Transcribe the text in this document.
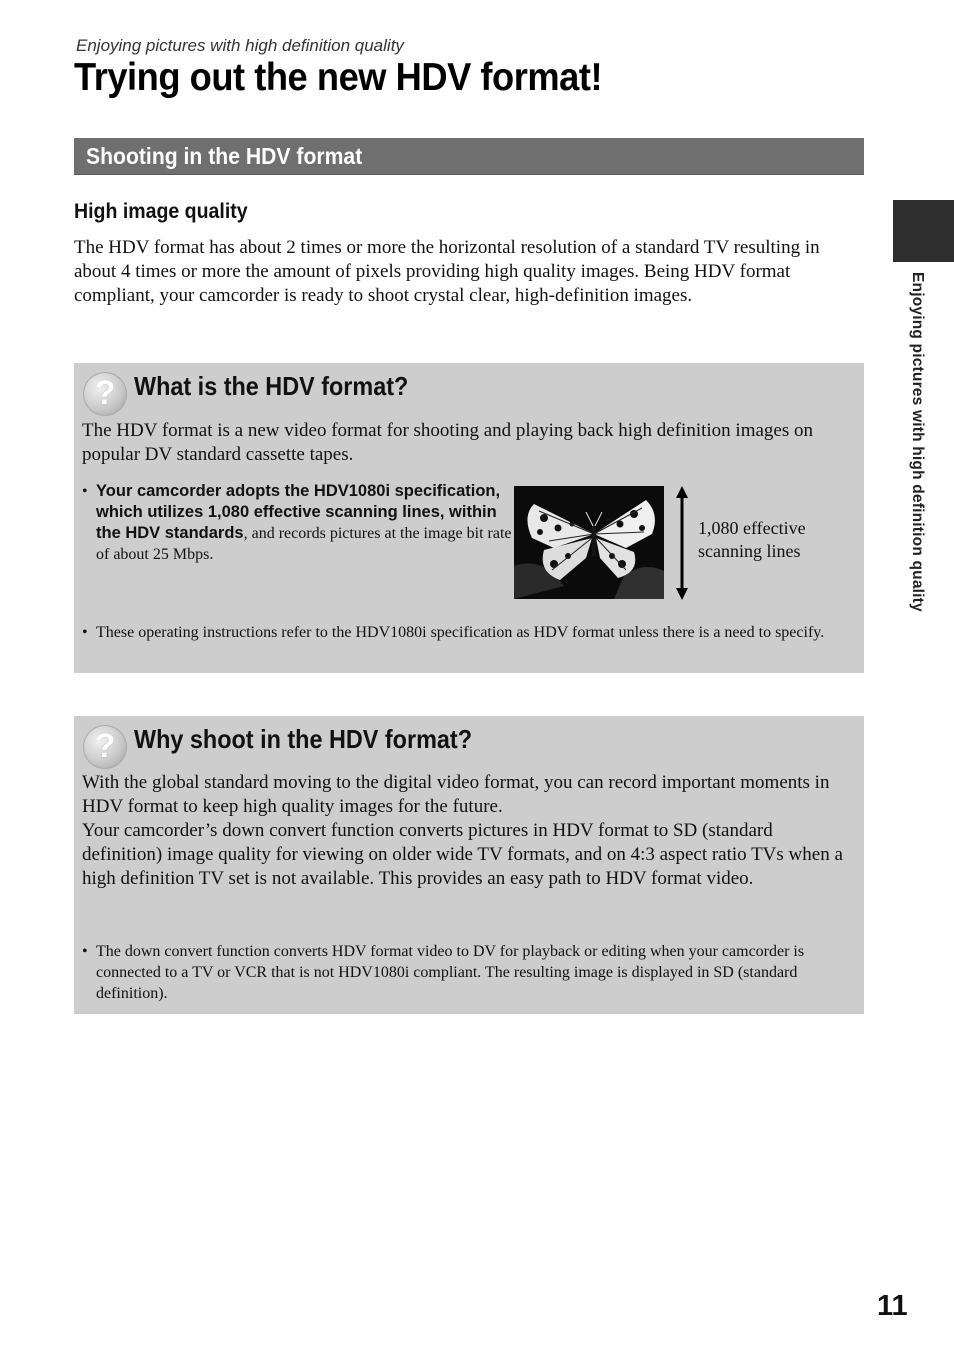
Enjoying pictures with high definition quality
Trying out the new HDV format!
Shooting in the HDV format
High image quality

The HDV format has about 2 times or more the horizontal resolution of a standard TV resulting in about 4 times or more the amount of pixels providing high quality images. Being HDV format compliant, your camcorder is ready to shoot crystal clear, high-definition images.

? What is the HDV format?

The HDV format is a new video format for shooting and playing back high definition images on popular DV standard cassette tapes.

• Your camcorder adopts the HDV1080i specification, which utilizes 1,080 effective scanning lines, within the HDV standards, and records pictures at the image bit rate of about 25 Mbps.

1,080 effective
scanning lines

• These operating instructions refer to the HDV1080i specification as HDV format unless there is a need to specify.

? Why shoot in the HDV format?

With the global standard moving to the digital video format, you can record important moments in HDV format to keep high quality images for the future.

Your camcorder’s down convert function converts pictures in HDV format to SD (standard definition) image quality for viewing on older wide TV formats, and on 4:3 aspect ratio TVs when a high definition TV set is not available. This provides an easy path to HDV format video.

• The down convert function converts HDV format video to DV for playback or editing when your camcorder is connected to a TV or VCR that is not HDV1080i compliant. The resulting image is displayed in SD (standard definition).

Enjoying pictures with high definition quality

11
